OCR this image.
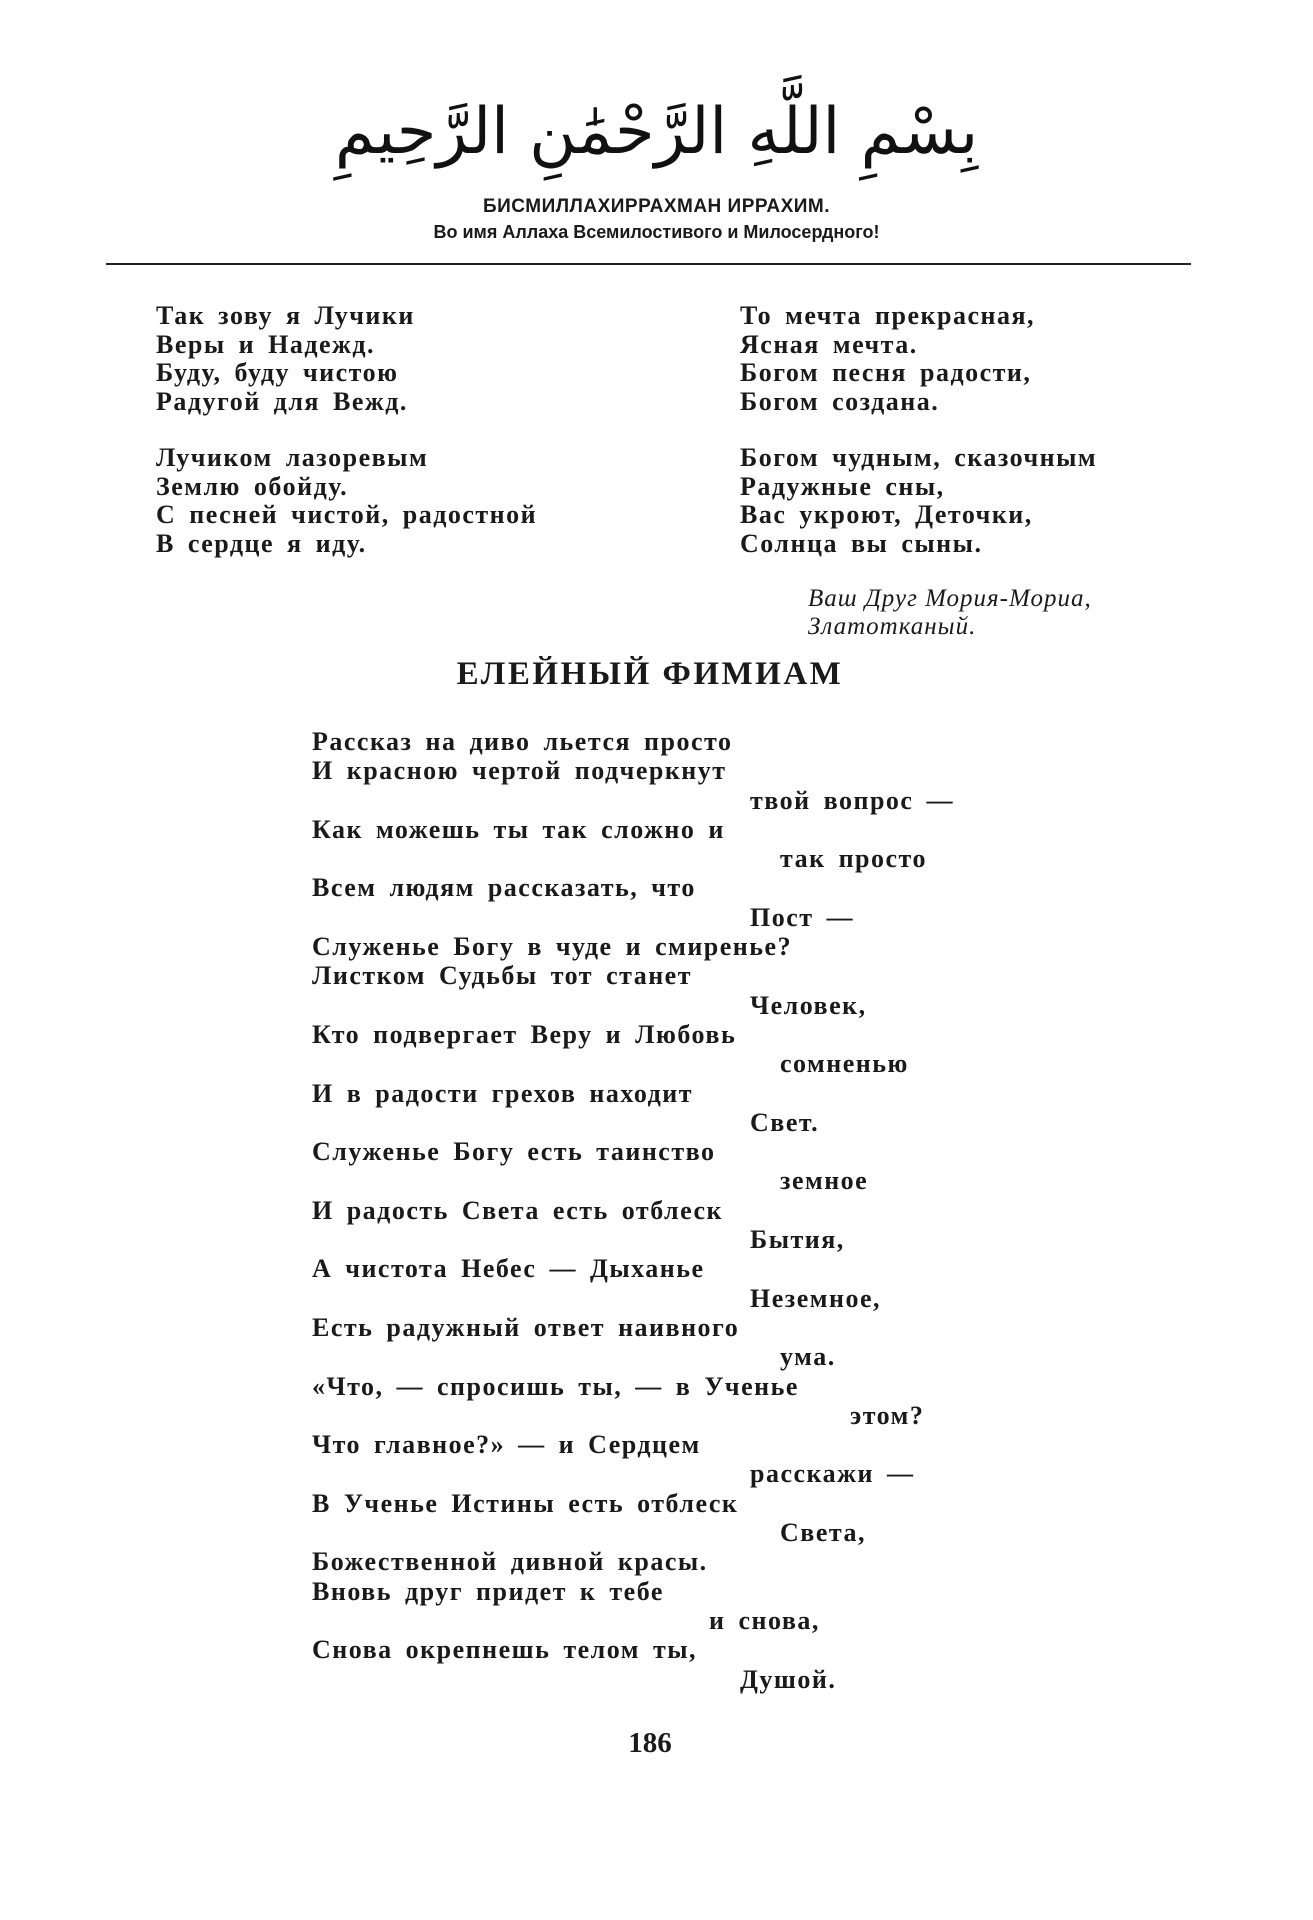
بِسْمِ اللَّهِ الرَّحْمَٰنِ الرَّحِيمِ
БИСМИЛЛАХИРРАХМАН ИРРАХИМ.
Во имя Аллаха Всемилостивого и Милосердного!
Так зову я Лучики
Веры и Надежд.
Буду, буду чистою
Радугой для Вежд.
Лучиком лазоревым
Землю обойду.
С песней чистой, радостной
В сердце я иду.
То мечта прекрасная,
Ясная мечта.
Богом песня радости,
Богом создана.
Богом чудным, сказочным
Радужные сны,
Вас укроют, Деточки,
Солнца вы сыны.
Ваш Друг Мория-Мориа,
Златотканый.
ЕЛЕЙНЫЙ ФИМИАМ
Рассказ на диво льется просто
И красною чертой подчеркнут
твой вопрос —
Как можешь ты так сложно и
так просто
Всем людям рассказать, что
Пост —
Служенье Богу в чуде и смиренье?
Листком Судьбы тот станет
Человек,
Кто подвергает Веру и Любовь
сомненью
И в радости грехов находит
Свет.
Служенье Богу есть таинство
земное
И радость Света есть отблеск
Бытия,
А чистота Небес — Дыханье
Неземное,
Есть радужный ответ наивного
ума.
«Что, — спросишь ты, — в Ученье
этом?
Что главное?» — и Сердцем
расскажи —
В Ученье Истины есть отблеск
Света,
Божественной дивной красы.
Вновь друг придет к тебе
и снова,
Снова окрепнешь телом ты,
Душой.
186
